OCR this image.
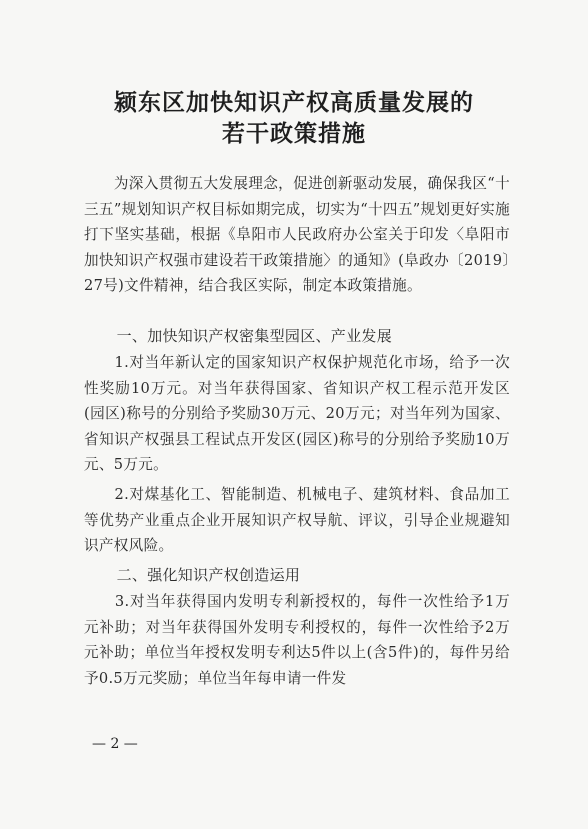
颍东区加快知识产权高质量发展的
若干政策措施
　　为深入贯彻五大发展理念，促进创新驱动发展，确保我区“十三五”规划知识产权目标如期完成，切实为“十四五”规划更好实施打下坚实基础，根据《阜阳市人民政府办公室关于印发〈阜阳市加快知识产权强市建设若干政策措施〉的通知》(阜政办〔2019〕27号)文件精神，结合我区实际，制定本政策措施。
　　一、加快知识产权密集型园区、产业发展
　　1.对当年新认定的国家知识产权保护规范化市场，给予一次性奖励10万元。对当年获得国家、省知识产权工程示范开发区(园区)称号的分别给予奖励30万元、20万元；对当年列为国家、省知识产权强县工程试点开发区(园区)称号的分别给予奖励10万元、5万元。
　　2.对煤基化工、智能制造、机械电子、建筑材料、食品加工等优势产业重点企业开展知识产权导航、评议，引导企业规避知识产权风险。
　　二、强化知识产权创造运用
　　3.对当年获得国内发明专利新授权的，每件一次性给予1万元补助；对当年获得国外发明专利授权的，每件一次性给予2万元补助；单位当年授权发明专利达5件以上(含5件)的，每件另给予0.5万元奖励；单位当年每申请一件发
— 2 —
